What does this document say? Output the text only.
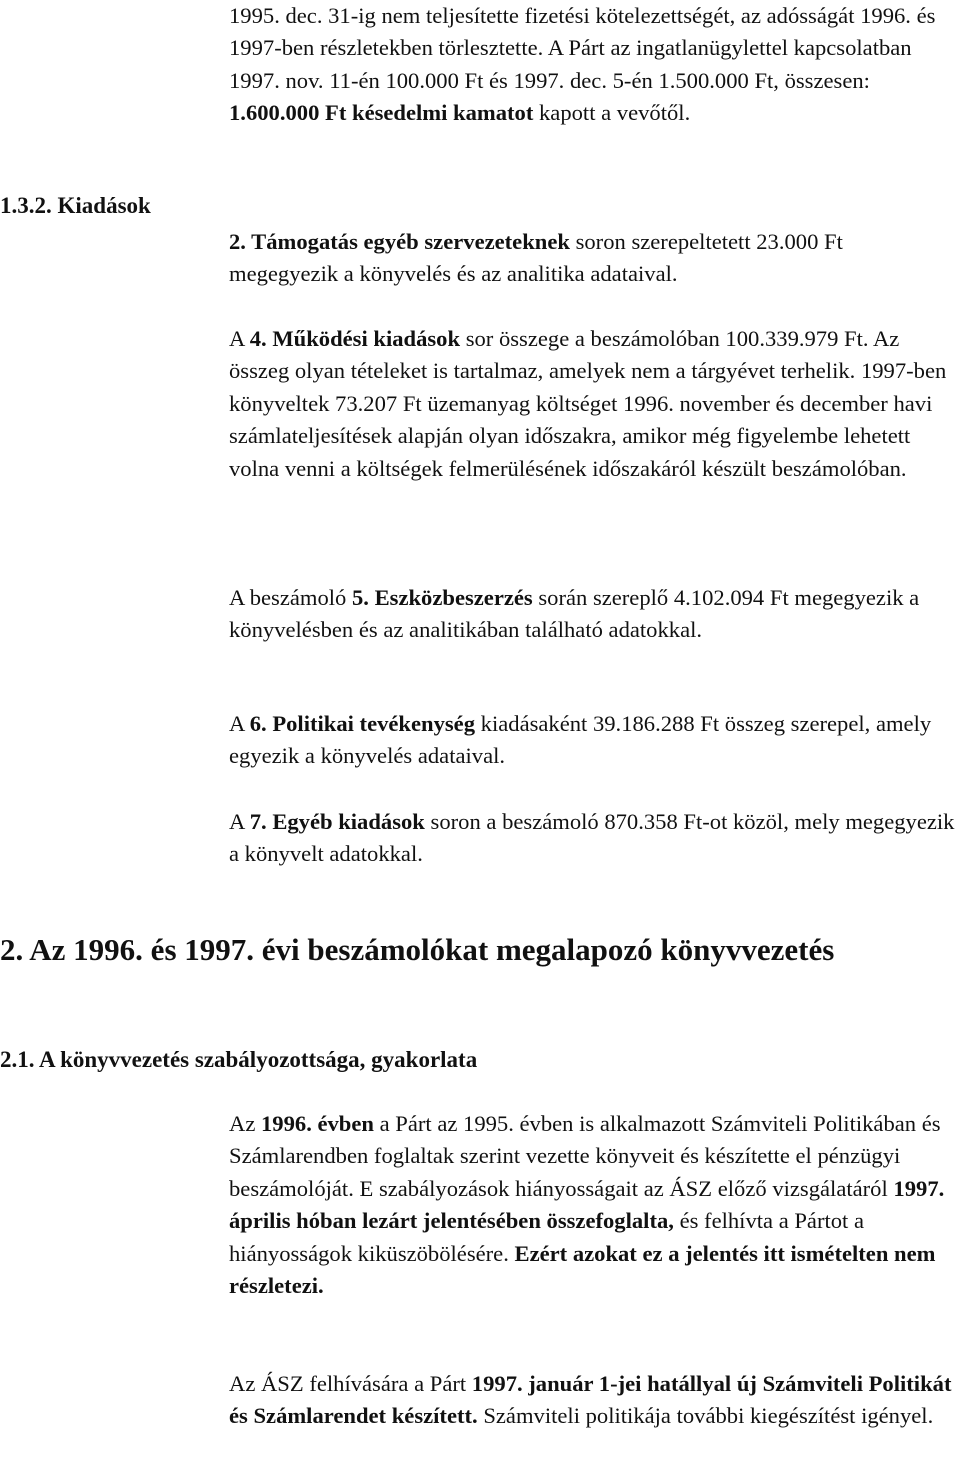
1995. dec. 31-ig nem teljesítette fizetési kötelezettségét, az adósságát 1996. és 1997-ben részletekben törlesztette. A Párt az ingatlanügylettel kapcsolatban 1997. nov. 11-én 100.000 Ft és 1997. dec. 5-én 1.500.000 Ft, összesen: 1.600.000 Ft késedelmi kamatot kapott a vevőtől.

1.3.2. Kiadások

2. Támogatás egyéb szervezeteknek soron szerepeltetett 23.000 Ft megegyezik a könyvelés és az analitika adataival.

A 4. Működési kiadások sor összege a beszámolóban 100.339.979 Ft. Az összeg olyan tételeket is tartalmaz, amelyek nem a tárgyévet terhelik. 1997-ben könyveltek 73.207 Ft üzemanyag költséget 1996. november és december havi számlateljesítések alapján olyan időszakra, amikor még figyelembe lehetett volna venni a költségek felmerülésének időszakáról készült beszámolóban.

A beszámoló 5. Eszközbeszerzés során szereplő 4.102.094 Ft megegyezik a könyvelésben és az analitikában található adatokkal.

A 6. Politikai tevékenység kiadásaként 39.186.288 Ft összeg szerepel, amely egyezik a könyvelés adataival.

A 7. Egyéb kiadások soron a beszámoló 870.358 Ft-ot közöl, mely megegyezik a könyvelt adatokkal.

2. Az 1996. és 1997. évi beszámolókat megalapozó könyvvezetés
2.1. A könyvvezetés szabályozottsága, gyakorlata

Az 1996. évben a Párt az 1995. évben is alkalmazott Számviteli Politikában és Számlarendben foglaltak szerint vezette könyveit és készítette el pénzügyi beszámolóját. E szabályozások hiányosságait az ÁSZ előző vizsgálatáról 1997. április hóban lezárt jelentésében összefoglalta, és felhívta a Pártot a hiányosságok kiküszöbölésére. Ezért azokat ez a jelentés itt ismételten nem részletezi.

Az ÁSZ felhívására a Párt 1997. január 1-jei hatállyal új Számviteli Politikát és Számlarendet készített. Számviteli politikája további kiegészítést igényel.
